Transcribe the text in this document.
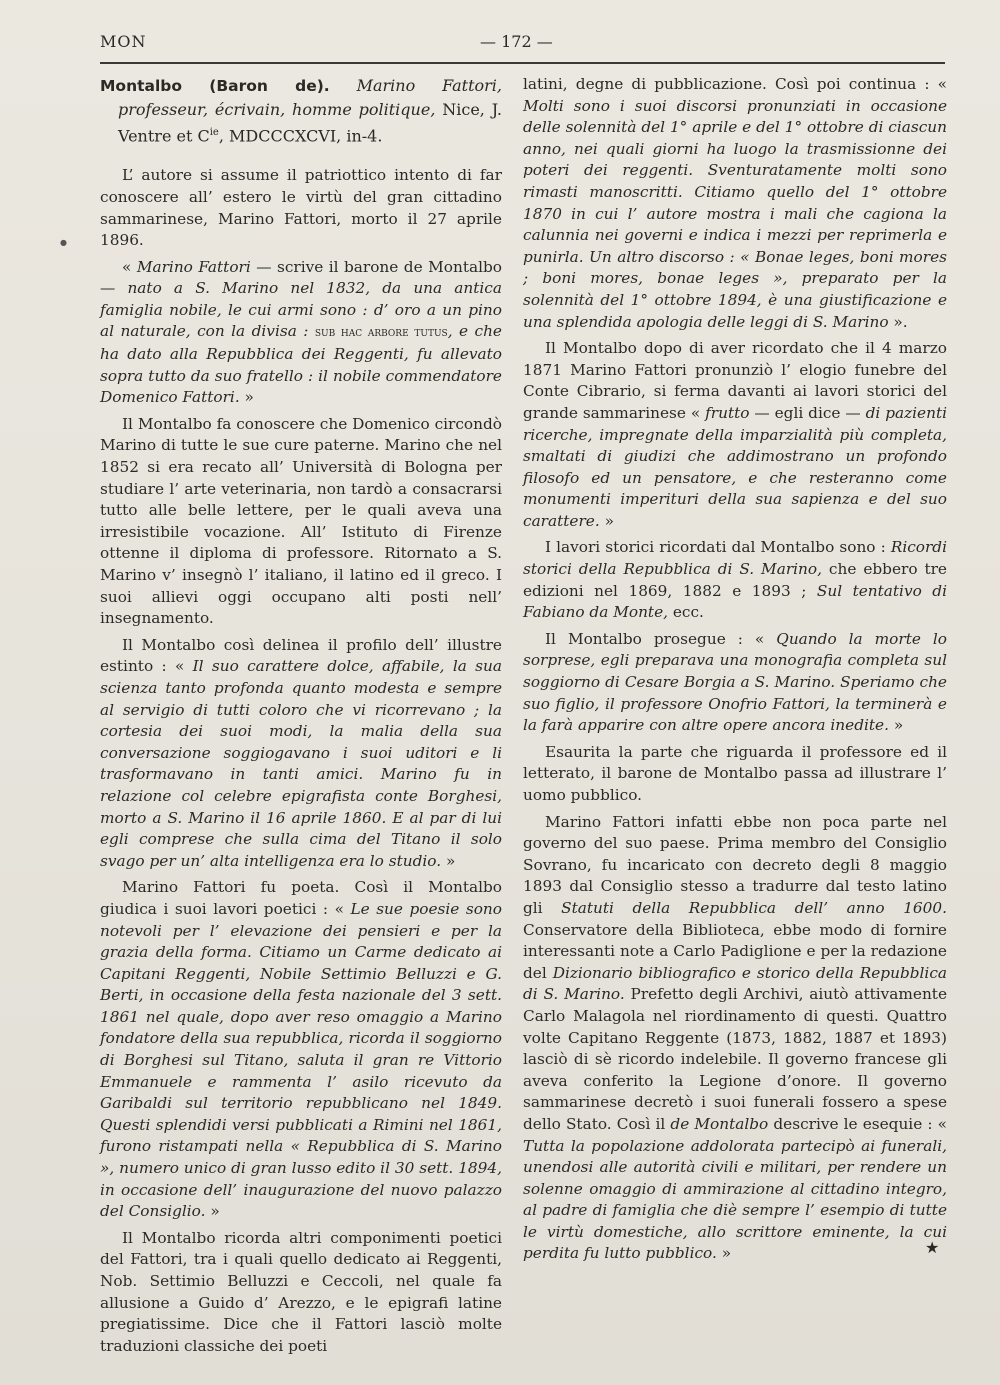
MON	— 172 —
●

Montalbo (Baron de). Marino Fattori, professeur, écrivain, homme politique, Nice, J. Ventre et $C^{ie}$, MDCCCXCVI, in-4.

L’ autore si assume il patriottico intento di far conoscere all’ estero le virtù del gran cittadino sammarinese, Marino Fattori, morto il 27 aprile 1896.

« Marino Fattori — scrive il barone de Montalbo — nato a S. Marino nel 1832, da una antica famiglia nobile, le cui armi sono : d’ oro a un pino al naturale, con la divisa : sub hac arbore tutus, e che ha dato alla Repubblica dei Reggenti, fu allevato sopra tutto da suo fratello : il nobile commendatore Domenico Fattori. »

Il Montalbo fa conoscere che Domenico circondò Marino di tutte le sue cure paterne. Marino che nel 1852 si era recato all’ Università di Bologna per studiare l’ arte veterinaria, non tardò a consacrarsi tutto alle belle lettere, per le quali aveva una irresistibile vocazione. All’ Istituto di Firenze ottenne il diploma di professore. Ritornato a S. Marino v’ insegnò l’ italiano, il latino ed il greco. I suoi allievi oggi occupano alti posti nell’ insegnamento.

Il Montalbo così delinea il profilo dell’ illustre estinto : « Il suo carattere dolce, affabile, la sua scienza tanto profonda quanto modesta e sempre al servigio di tutti coloro che vi ricorrevano ; la cortesia dei suoi modi, la malia della sua conversazione soggiogavano i suoi uditori e li trasformavano in tanti amici. Marino fu in relazione col celebre epigrafista conte Borghesi, morto a S. Marino il 16 aprile 1860. E al par di lui egli comprese che sulla cima del Titano il solo svago per un’ alta intelligenza era lo studio. »

Marino Fattori fu poeta. Così il Montalbo giudica i suoi lavori poetici : « Le sue poesie sono notevoli per l’ elevazione dei pensieri e per la grazia della forma. Citiamo un Carme dedicato ai Capitani Reggenti, Nobile Settimio Belluzzi e G. Berti, in occasione della festa nazionale del 3 sett. 1861 nel quale, dopo aver reso omaggio a Marino fondatore della sua repubblica, ricorda il soggiorno di Borghesi sul Titano, saluta il gran re Vittorio Emmanuele e rammenta l’ asilo ricevuto da Garibaldi sul territorio repubblicano nel 1849. Questi splendidi versi pubblicati a Rimini nel 1861, furono ristampati nella « Repubblica di S. Marino », numero unico di gran lusso edito il 30 sett. 1894, in occasione dell’ inaugurazione del nuovo palazzo del Consiglio. »

Il Montalbo ricorda altri componimenti poetici del Fattori, tra i quali quello dedicato ai Reggenti, Nob. Settimio Belluzzi e Ceccoli, nel quale fa allusione a Guido d’ Arezzo, e le epigrafi latine pregiatissime. Dice che il Fattori lasciò molte traduzioni classiche dei poeti

latini, degne di pubblicazione. Così poi continua : « Molti sono i suoi discorsi pronunziati in occasione delle solennità del 1° aprile e del 1° ottobre di ciascun anno, nei quali giorni ha luogo la trasmissionne dei poteri dei reggenti. Sventuratamente molti sono rimasti manoscritti. Citiamo quello del 1° ottobre 1870 in cui l’ autore mostra i mali che cagiona la calunnia nei governi e indica i mezzi per reprimerla e punirla. Un altro discorso : « Bonae leges, boni mores ; boni mores, bonae leges », preparato per la solennità del 1° ottobre 1894, è una giustificazione e una splendida apologia delle leggi di S. Marino ».

Il Montalbo dopo di aver ricordato che il 4 marzo 1871 Marino Fattori pronunziò l’ elogio funebre del Conte Cibrario, si ferma davanti ai lavori storici del grande sammarinese « frutto — egli dice — di pazienti ricerche, impregnate della imparzialità più completa, smaltati di giudizi che addimostrano un profondo filosofo ed un pensatore, e che resteranno come monumenti imperituri della sua sapienza e del suo carattere. »

I lavori storici ricordati dal Montalbo sono : Ricordi storici della Repubblica di S. Marino, che ebbero tre edizioni nel 1869, 1882 e 1893 ; Sul tentativo di Fabiano da Monte, ecc.

Il Montalbo prosegue : « Quando la morte lo sorprese, egli preparava una monografia completa sul soggiorno di Cesare Borgia a S. Marino. Speriamo che suo figlio, il professore Onofrio Fattori, la terminerà e la farà apparire con altre opere ancora inedite. »

Esaurita la parte che riguarda il professore ed il letterato, il barone de Montalbo passa ad illustrare l’ uomo pubblico.

Marino Fattori infatti ebbe non poca parte nel governo del suo paese. Prima membro del Consiglio Sovrano, fu incaricato con decreto degli 8 maggio 1893 dal Consiglio stesso a tradurre dal testo latino gli Statuti della Repubblica dell’ anno 1600. Conservatore della Biblioteca, ebbe modo di fornire interessanti note a Carlo Padiglione e per la redazione del Dizionario bibliografico e storico della Repubblica di S. Marino. Prefetto degli Archivi, aiutò attivamente Carlo Malagola nel riordinamento di questi. Quattro volte Capitano Reggente (1873, 1882, 1887 et 1893) lasciò di sè ricordo indelebile. Il governo francese gli aveva conferito la Legione d’onore. Il governo sammarinese decretò i suoi funerali fossero a spese dello Stato. Così il de Montalbo descrive le esequie : « Tutta la popolazione addolorata partecipò ai funerali, unendosi alle autorità civili e militari, per rendere un solenne omaggio di ammirazione al cittadino integro, al padre di famiglia che diè sempre l’ esempio di tutte le virtù domestiche, allo scrittore eminente, la cui perdita fu lutto pubblico. »	★
